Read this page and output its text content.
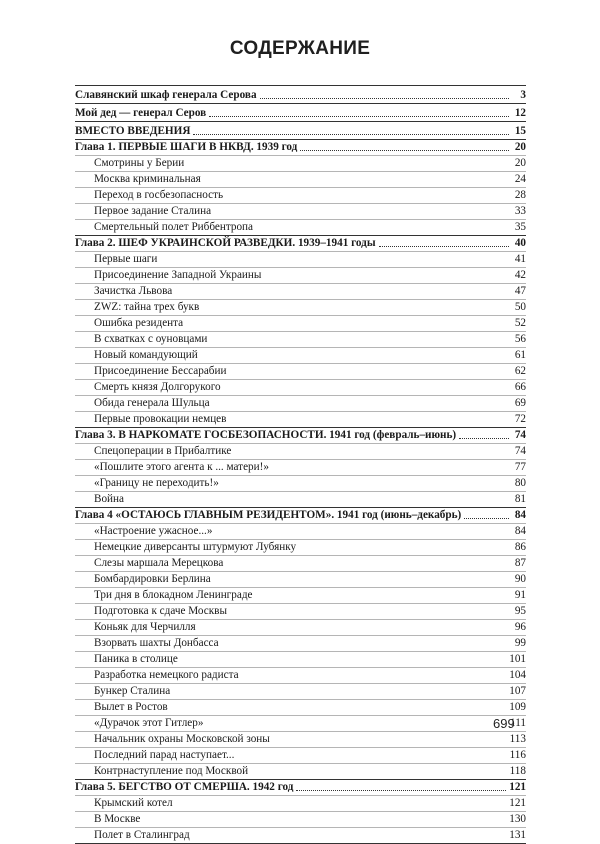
СОДЕРЖАНИЕ
Славянский шкаф генерала Серова	3
Мой дед — генерал Серов	12
ВМЕСТО ВВЕДЕНИЯ	15
Глава 1. ПЕРВЫЕ ШАГИ В НКВД. 1939 год	20
Смотрины у Берии	20
Москва криминальная	24
Переход в госбезопасность	28
Первое задание Сталина	33
Смертельный полет Риббентропа	35
Глава 2. ШЕФ УКРАИНСКОЙ РАЗВЕДКИ. 1939–1941 годы	40
Первые шаги	41
Присоединение Западной Украины	42
Зачистка Львова	47
ZWZ: тайна трех букв	50
Ошибка резидента	52
В схватках с оуновцами	56
Новый командующий	61
Присоединение Бессарабии	62
Смерть князя Долгорукого	66
Обида генерала Шульца	69
Первые провокации немцев	72
Глава 3. В НАРКОМАТЕ ГОСБЕЗОПАСНОСТИ. 1941 год (февраль–июнь)	74
Спецоперации в Прибалтике	74
«Пошлите этого агента к ... матери!»	77
«Границу не переходить!»	80
Война	81
Глава 4 «ОСТАЮСЬ ГЛАВНЫМ РЕЗИДЕНТОМ». 1941 год (июнь–декабрь)	84
«Настроение ужасное...»	84
Немецкие диверсанты штурмуют Лубянку	86
Слезы маршала Мерецкова	87
Бомбардировки Берлина	90
Три дня в блокадном Ленинграде	91
Подготовка к сдаче Москвы	95
Коньяк для Черчилля	96
Взорвать шахты Донбасса	99
Паника в столице	101
Разработка немецкого радиста	104
Бункер Сталина	107
Вылет в Ростов	109
«Дурачок этот Гитлер»	111
Начальник охраны Московской зоны	113
Последний парад наступает...	116
Контрнаступление под Москвой	118
Глава 5. БЕГСТВО ОТ СМЕРША. 1942 год	121
Крымский котел	121
В Москве	130
Полет в Сталинград	131
699
